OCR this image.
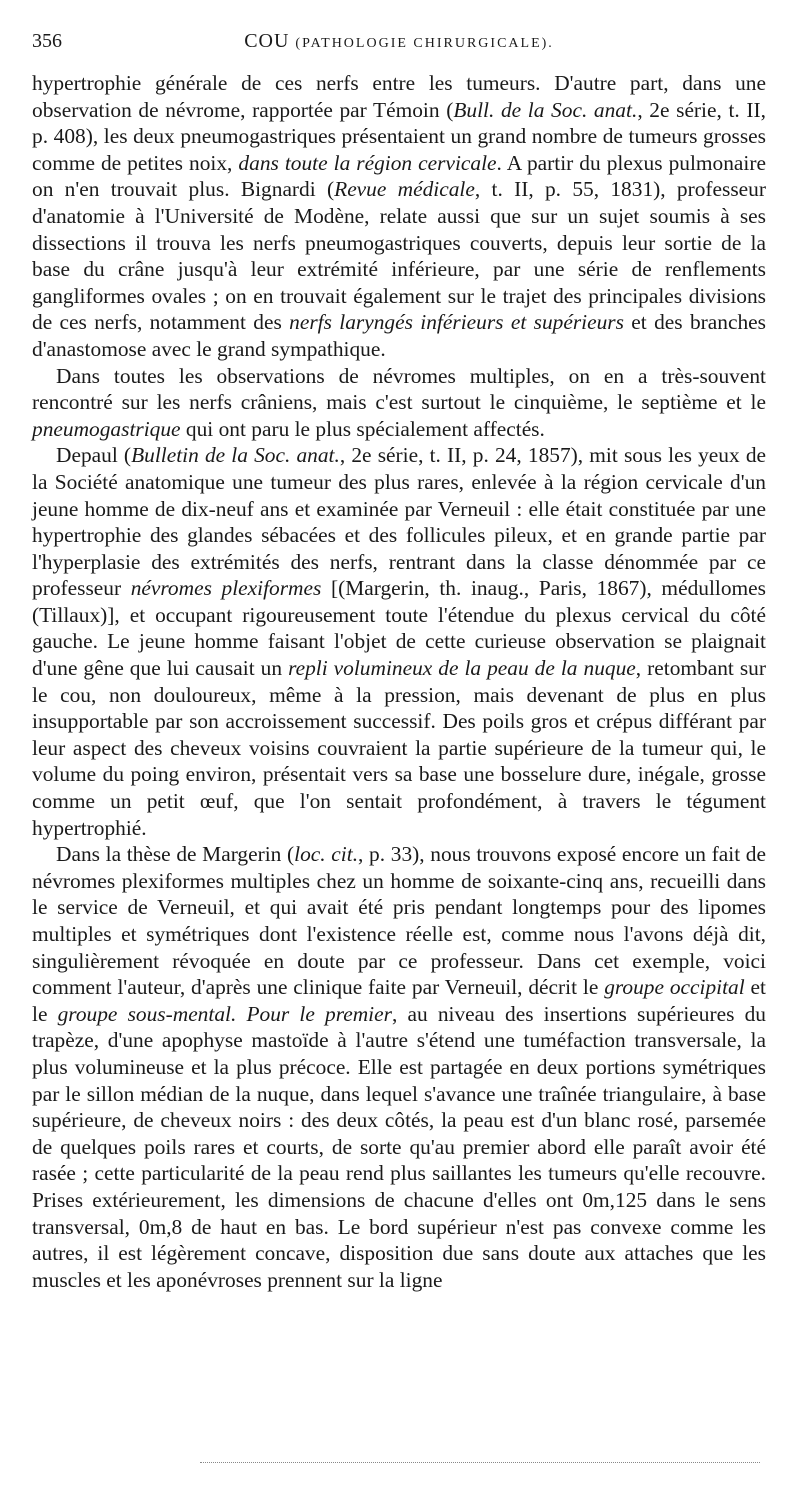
356	COU (PATHOLOGIE CHIRURGICALE).

hypertrophie générale de ces nerfs entre les tumeurs. D'autre part, dans une observation de névrome, rapportée par Témoin (Bull. de la Soc. anat., 2e série, t. II, p. 408), les deux pneumogastriques présentaient un grand nombre de tumeurs grosses comme de petites noix, dans toute la région cervicale. A partir du plexus pulmonaire on n'en trouvait plus. Bignardi (Revue médicale, t. II, p. 55, 1831), professeur d'anatomie à l'Université de Modène, relate aussi que sur un sujet soumis à ses dissections il trouva les nerfs pneumogastriques couverts, depuis leur sortie de la base du crâne jusqu'à leur extrémité inférieure, par une série de renflements gangliformes ovales ; on en trouvait également sur le trajet des principales divisions de ces nerfs, notamment des nerfs laryngés inférieurs et supérieurs et des branches d'anastomose avec le grand sympathique.

Dans toutes les observations de névromes multiples, on en a très-souvent rencontré sur les nerfs crâniens, mais c'est surtout le cinquième, le septième et le pneumogastrique qui ont paru le plus spécialement affectés.

Depaul (Bulletin de la Soc. anat., 2e série, t. II, p. 24, 1857), mit sous les yeux de la Société anatomique une tumeur des plus rares, enlevée à la région cervicale d'un jeune homme de dix-neuf ans et examinée par Verneuil : elle était constituée par une hypertrophie des glandes sébacées et des follicules pileux, et en grande partie par l'hyperplasie des extrémités des nerfs, rentrant dans la classe dénommée par ce professeur névromes plexiformes [(Margerin, th. inaug., Paris, 1867), médullomes (Tillaux)], et occupant rigoureusement toute l'étendue du plexus cervical du côté gauche. Le jeune homme faisant l'objet de cette curieuse observation se plaignait d'une gêne que lui causait un repli volumineux de la peau de la nuque, retombant sur le cou, non douloureux, même à la pression, mais devenant de plus en plus insupportable par son accroissement successif. Des poils gros et crépus différant par leur aspect des cheveux voisins couvraient la partie supérieure de la tumeur qui, le volume du poing environ, présentait vers sa base une bosselure dure, inégale, grosse comme un petit œuf, que l'on sentait profondément, à travers le tégument hypertrophié.

Dans la thèse de Margerin (loc. cit., p. 33), nous trouvons exposé encore un fait de névromes plexiformes multiples chez un homme de soixante-cinq ans, recueilli dans le service de Verneuil, et qui avait été pris pendant longtemps pour des lipomes multiples et symétriques dont l'existence réelle est, comme nous l'avons déjà dit, singulièrement révoquée en doute par ce professeur. Dans cet exemple, voici comment l'auteur, d'après une clinique faite par Verneuil, décrit le groupe occipital et le groupe sous-mental. Pour le premier, au niveau des insertions supérieures du trapèze, d'une apophyse mastoïde à l'autre s'étend une tuméfaction transversale, la plus volumineuse et la plus précoce. Elle est partagée en deux portions symétriques par le sillon médian de la nuque, dans lequel s'avance une traînée triangulaire, à base supérieure, de cheveux noirs : des deux côtés, la peau est d'un blanc rosé, parsemée de quelques poils rares et courts, de sorte qu'au premier abord elle paraît avoir été rasée ; cette particularité de la peau rend plus saillantes les tumeurs qu'elle recouvre. Prises extérieurement, les dimensions de chacune d'elles ont 0m,125 dans le sens transversal, 0m,8 de haut en bas. Le bord supérieur n'est pas convexe comme les autres, il est légèrement concave, disposition due sans doute aux attaches que les muscles et les aponévroses prennent sur la ligne
